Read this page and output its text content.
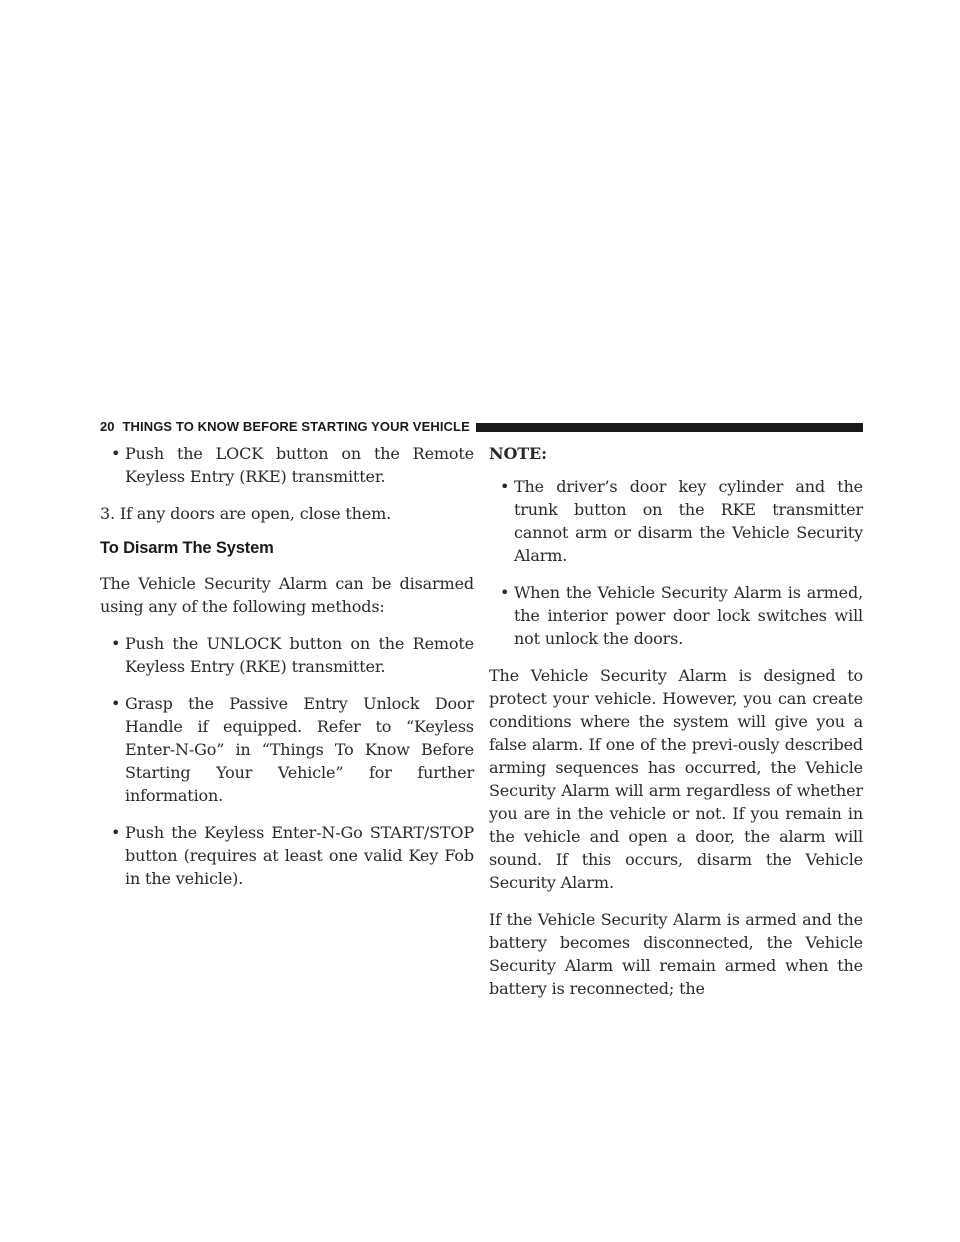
20 THINGS TO KNOW BEFORE STARTING YOUR VEHICLE
• Push the LOCK button on the Remote Keyless Entry (RKE) transmitter.

3. If any doors are open, close them.

To Disarm The System

The Vehicle Security Alarm can be disarmed using any of the following methods:

• Push the UNLOCK button on the Remote Keyless Entry (RKE) transmitter.
• Grasp the Passive Entry Unlock Door Handle if equipped. Refer to “Keyless Enter-N-Go” in “Things To Know Before Starting Your Vehicle” for further information.
• Push the Keyless Enter-N-Go START/STOP button (requires at least one valid Key Fob in the vehicle).

NOTE:

• The driver’s door key cylinder and the trunk button on the RKE transmitter cannot arm or disarm the Vehicle Security Alarm.
• When the Vehicle Security Alarm is armed, the interior power door lock switches will not unlock the doors.

The Vehicle Security Alarm is designed to protect your vehicle. However, you can create conditions where the system will give you a false alarm. If one of the previ-ously described arming sequences has occurred, the Vehicle Security Alarm will arm regardless of whether you are in the vehicle or not. If you remain in the vehicle and open a door, the alarm will sound. If this occurs, disarm the Vehicle Security Alarm.

If the Vehicle Security Alarm is armed and the battery becomes disconnected, the Vehicle Security Alarm will remain armed when the battery is reconnected; the
